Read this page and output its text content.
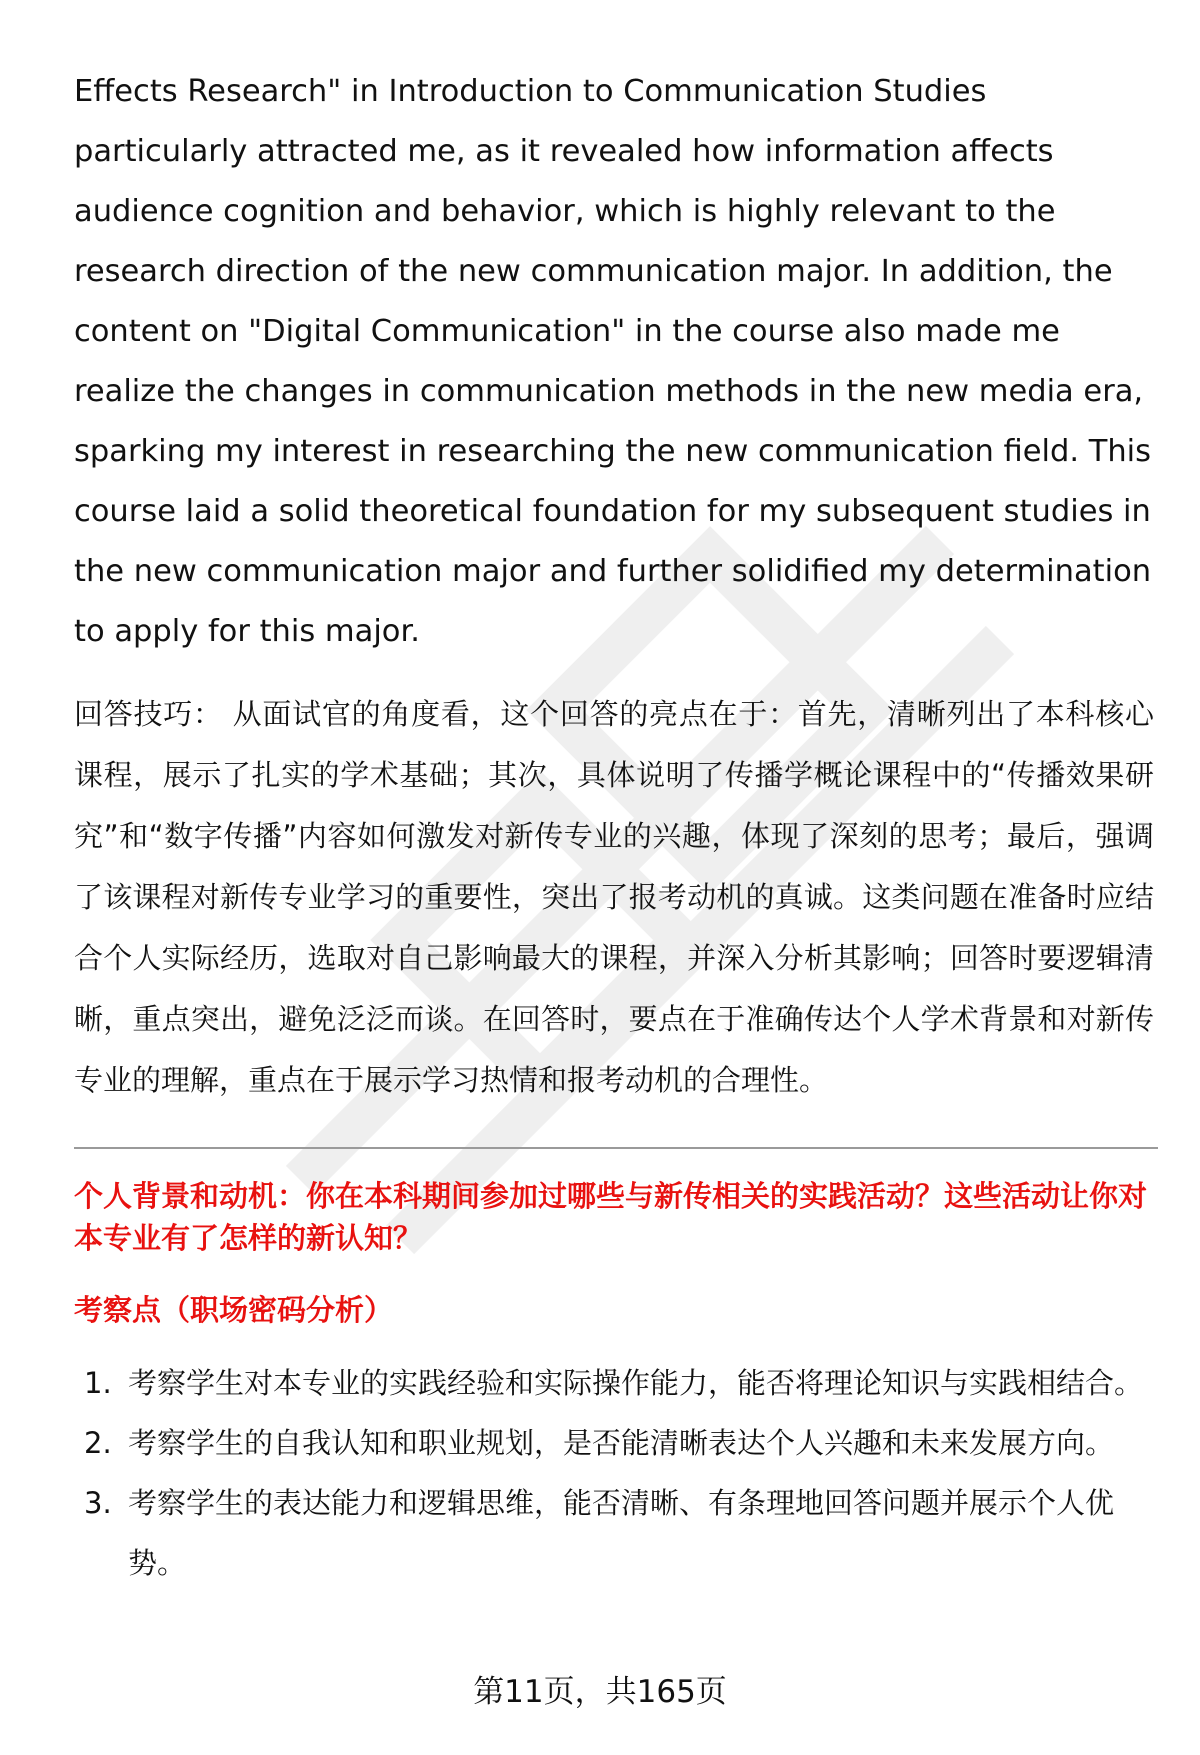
Effects Research" in Introduction to Communication Studies particularly attracted me, as it revealed how information affects audience cognition and behavior, which is highly relevant to the research direction of the new communication major. In addition, the content on "Digital Communication" in the course also made me realize the changes in communication methods in the new media era, sparking my interest in researching the new communication field. This course laid a solid theoretical foundation for my subsequent studies in the new communication major and further solidified my determination to apply for this major.

回答技巧： 从面试官的角度看，这个回答的亮点在于：首先，清晰列出了本科核心课程，展示了扎实的学术基础；其次，具体说明了传播学概论课程中的“传播效果研究”和“数字传播”内容如何激发对新传专业的兴趣，体现了深刻的思考；最后，强调了该课程对新传专业学习的重要性，突出了报考动机的真诚。这类问题在准备时应结合个人实际经历，选取对自己影响最大的课程，并深入分析其影响；回答时要逻辑清晰，重点突出，避免泛泛而谈。在回答时，要点在于准确传达个人学术背景和对新传专业的理解，重点在于展示学习热情和报考动机的合理性。

个人背景和动机：你在本科期间参加过哪些与新传相关的实践活动？这些活动让你对本专业有了怎样的新认知？
考察点（职场密码分析）
1. 考察学生对本专业的实践经验和实际操作能力，能否将理论知识与实践相结合。
2. 考察学生的自我认知和职业规划，是否能清晰表达个人兴趣和未来发展方向。
3. 考察学生的表达能力和逻辑思维，能否清晰、有条理地回答问题并展示个人优势。
第11页，共165页
